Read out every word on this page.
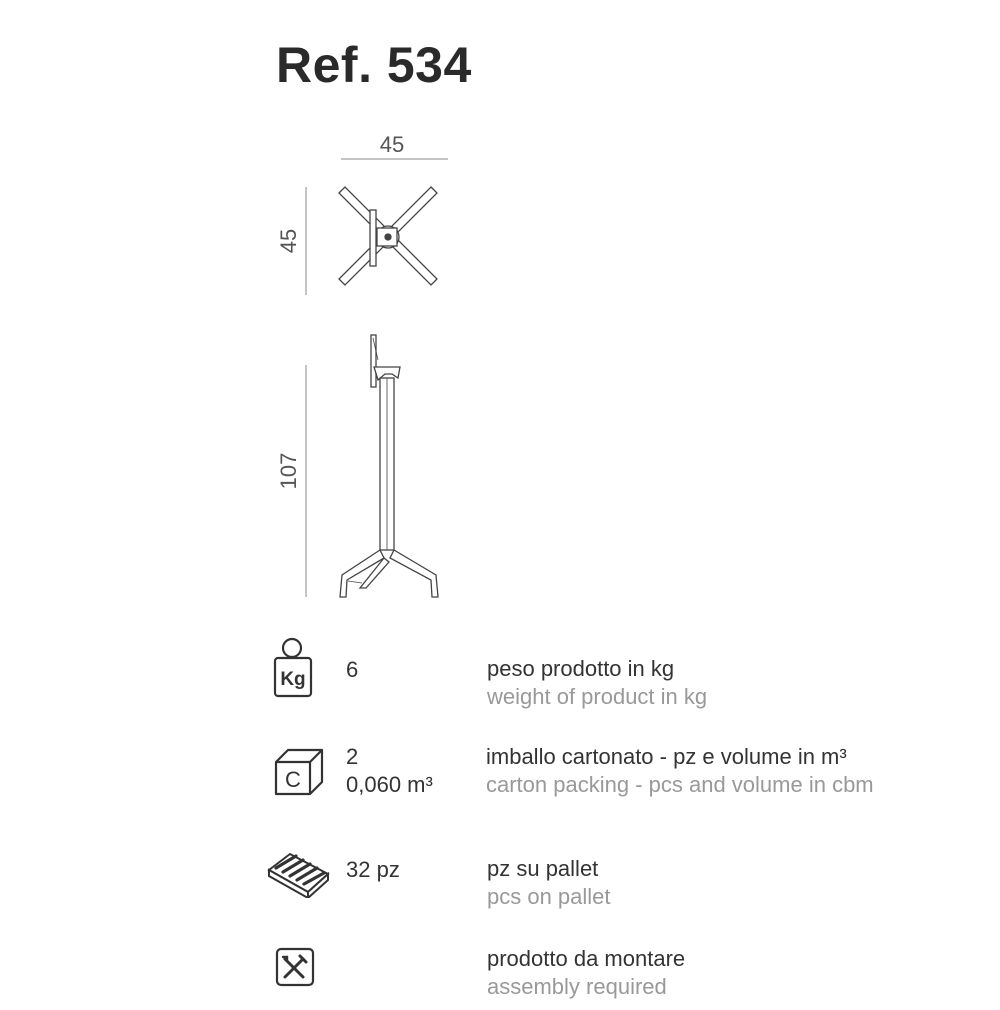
Ref. 534
45
45
107
Kg 6	peso prodotto in kg
weight of product in kg
C
2
0,060 m³
imballo cartonato - pz e volume in m³
carton packing - pcs and volume in cbm
32 pz	pz su pallet
pcs on pallet
prodotto da montare
assembly required
